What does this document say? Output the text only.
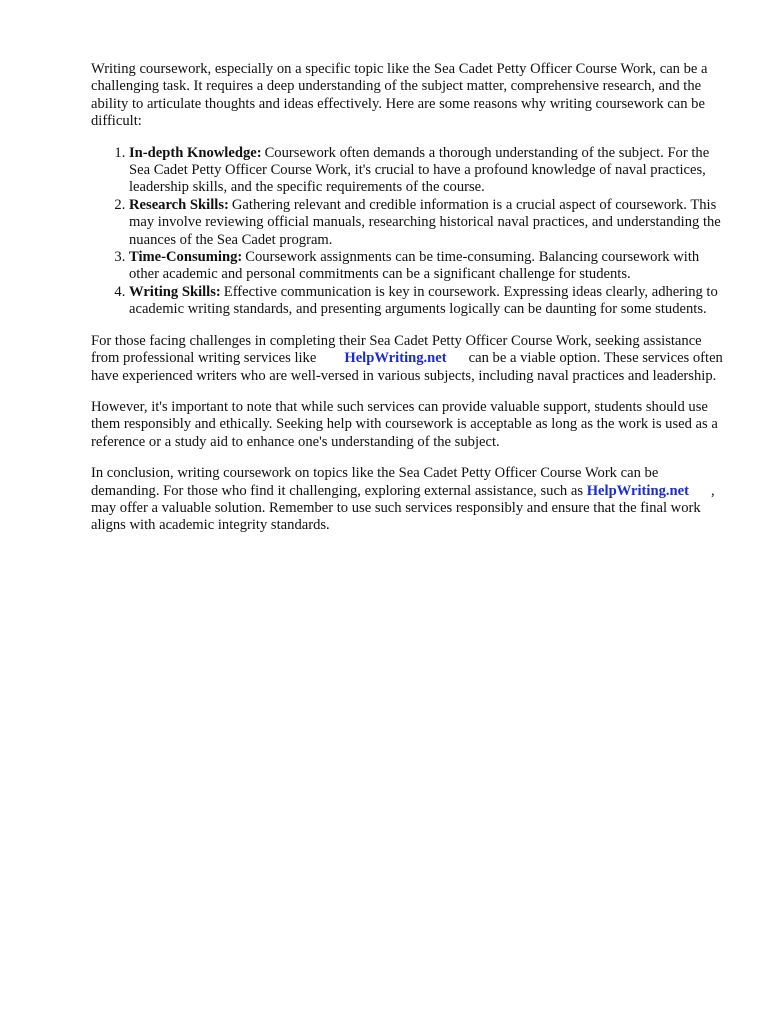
Writing coursework, especially on a specific topic like the Sea Cadet Petty Officer Course Work, can be a challenging task. It requires a deep understanding of the subject matter, comprehensive research, and the ability to articulate thoughts and ideas effectively. Here are some reasons why writing coursework can be difficult:

1. In-depth Knowledge: Coursework often demands a thorough understanding of the subject. For the Sea Cadet Petty Officer Course Work, it's crucial to have a profound knowledge of naval practices, leadership skills, and the specific requirements of the course.
2. Research Skills: Gathering relevant and credible information is a crucial aspect of coursework. This may involve reviewing official manuals, researching historical naval practices, and understanding the nuances of the Sea Cadet program.
3. Time-Consuming: Coursework assignments can be time-consuming. Balancing coursework with other academic and personal commitments can be a significant challenge for students.
4. Writing Skills: Effective communication is key in coursework. Expressing ideas clearly, adhering to academic writing standards, and presenting arguments logically can be daunting for some students.

For those facing challenges in completing their Sea Cadet Petty Officer Course Work, seeking assistance from professional writing services like HelpWriting.net can be a viable option. These services often have experienced writers who are well-versed in various subjects, including naval practices and leadership.

However, it's important to note that while such services can provide valuable support, students should use them responsibly and ethically. Seeking help with coursework is acceptable as long as the work is used as a reference or a study aid to enhance one's understanding of the subject.

In conclusion, writing coursework on topics like the Sea Cadet Petty Officer Course Work can be demanding. For those who find it challenging, exploring external assistance, such as HelpWriting.net , may offer a valuable solution. Remember to use such services responsibly and ensure that the final work aligns with academic integrity standards.
